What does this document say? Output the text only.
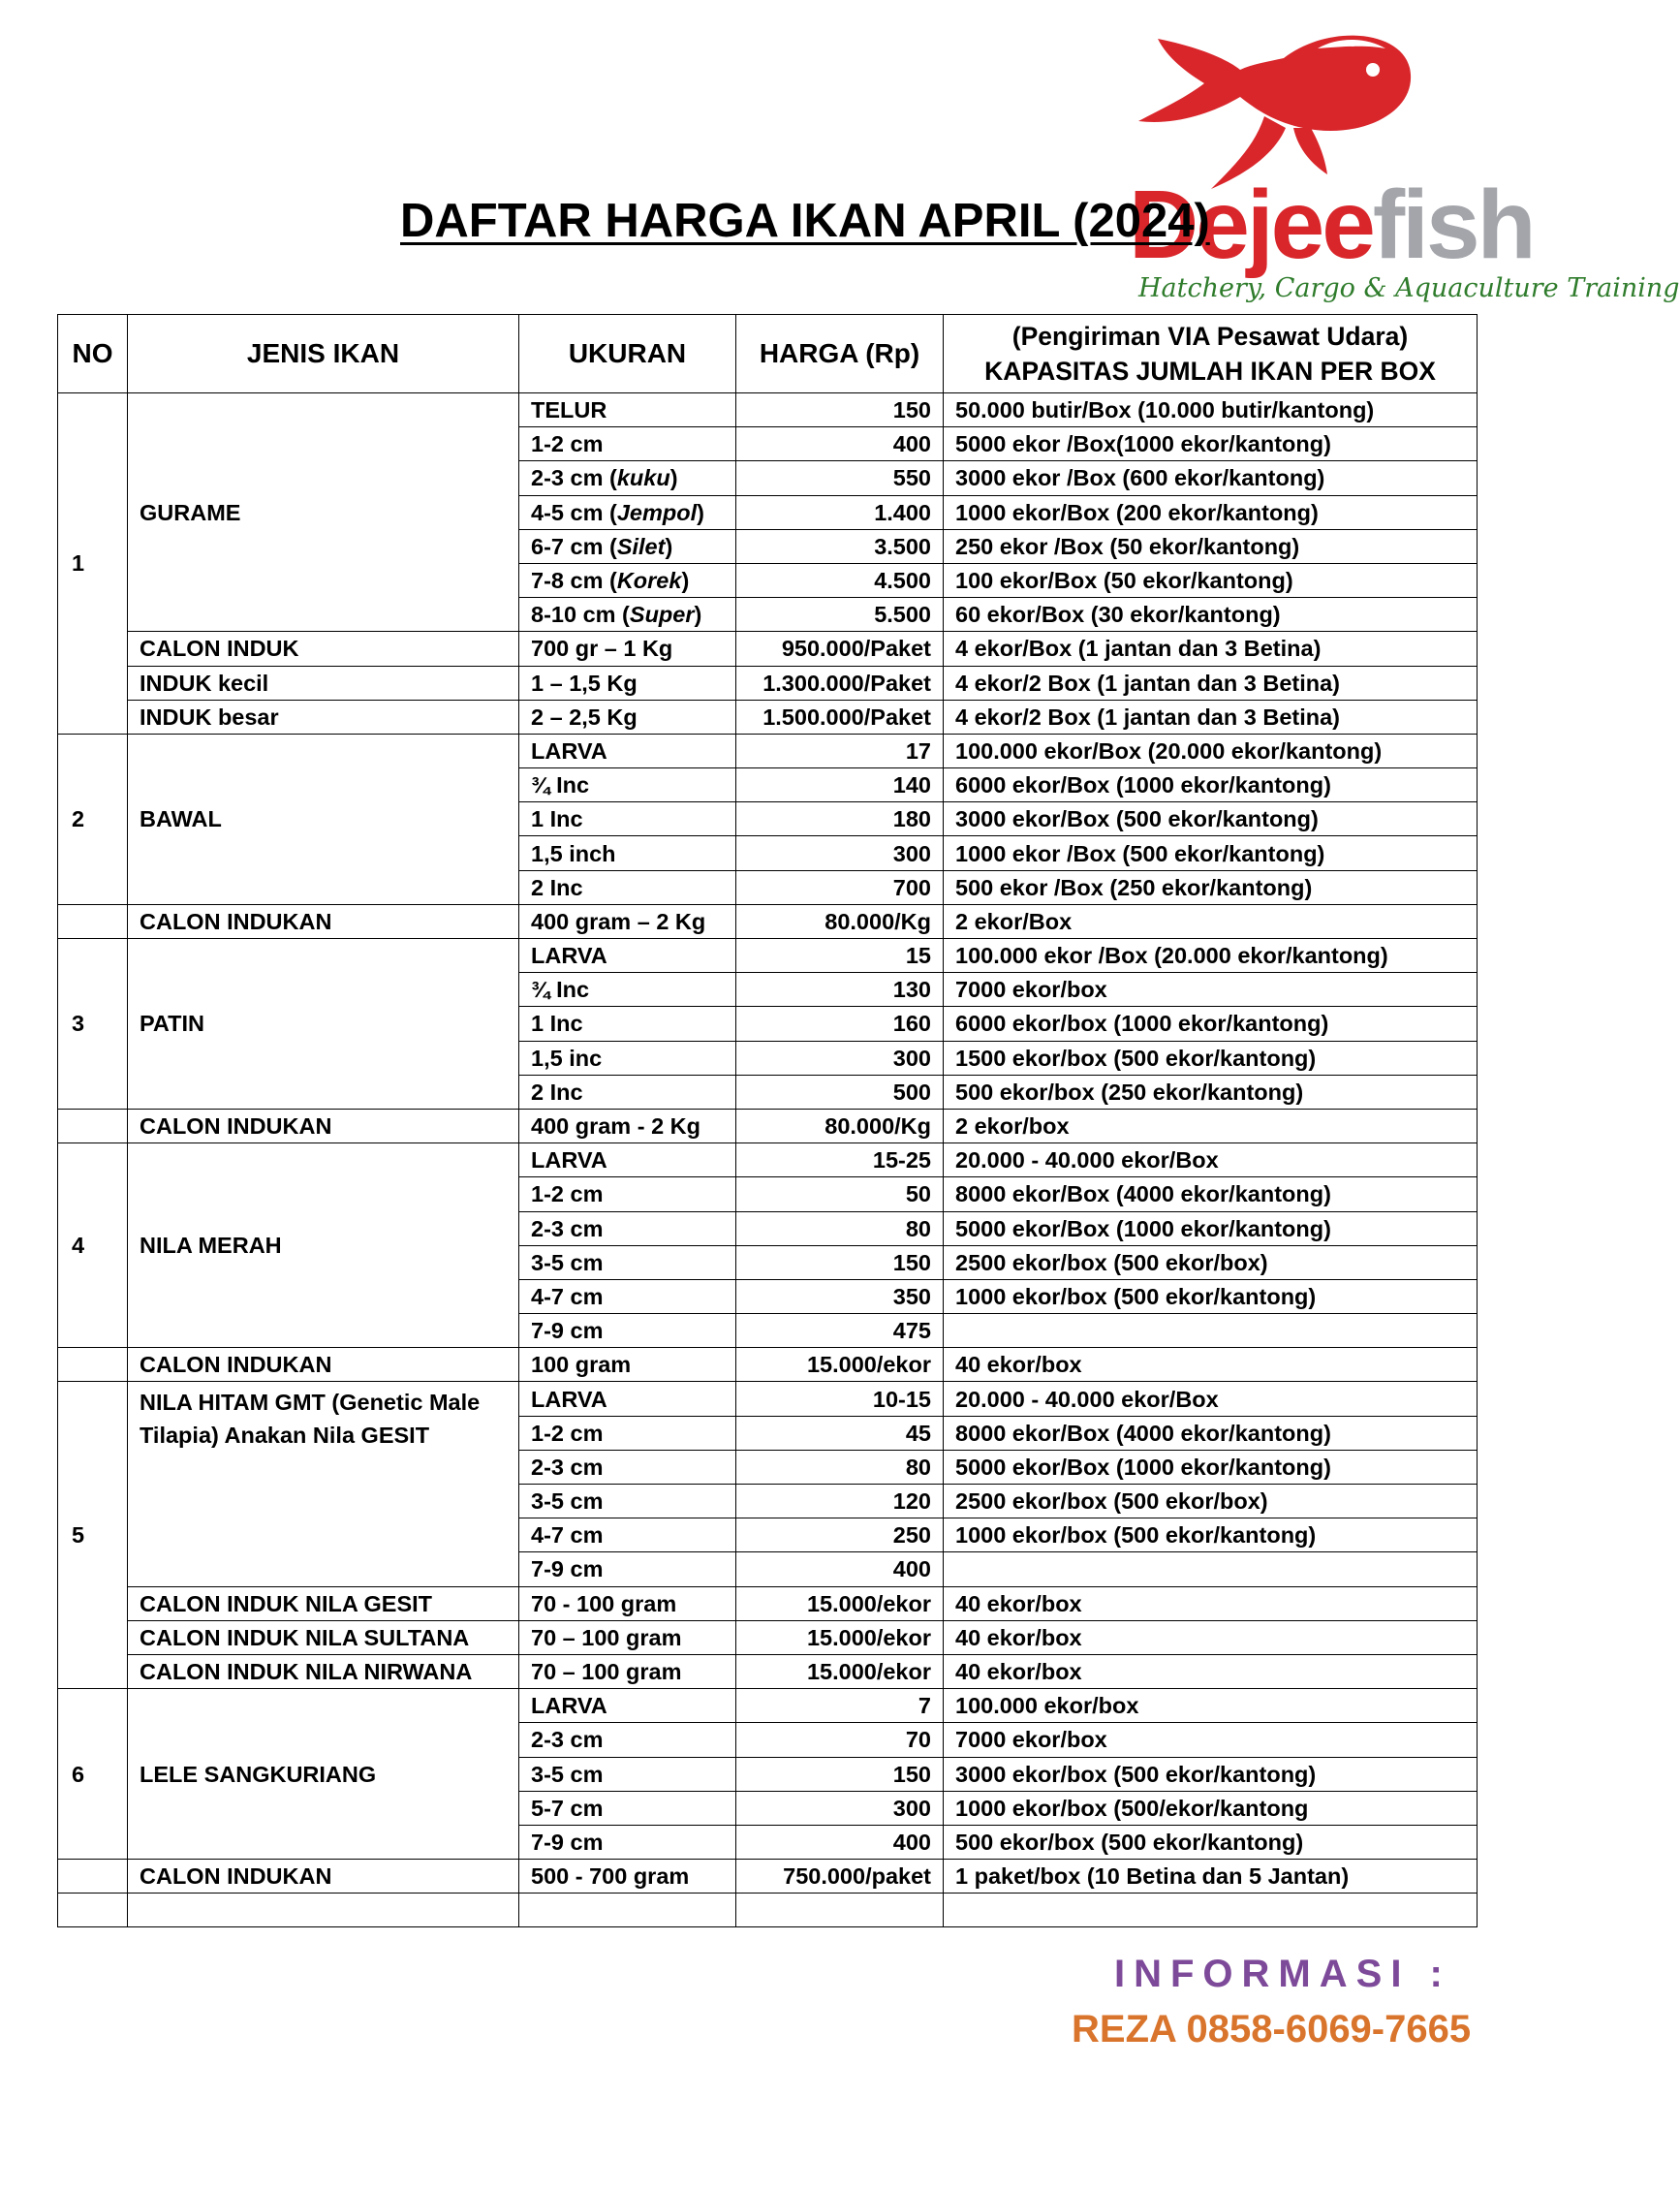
Dejeefish
Hatchery, Cargo & Aquaculture Training
DAFTAR HARGA IKAN APRIL (2024)
NO	JENIS IKAN	UKURAN	HARGA (Rp)	(Pengiriman VIA Pesawat Udara)
KAPASITAS JUMLAH IKAN PER BOX
1	GURAME	TELUR	150	50.000 butir/Box (10.000 butir/kantong)
		1-2 cm	400	5000 ekor /Box(1000 ekor/kantong)
		2-3 cm (kuku)	550	3000 ekor /Box (600 ekor/kantong)
		4-5 cm (Jempol)	1.400	1000 ekor/Box (200 ekor/kantong)
		6-7 cm (Silet)	3.500	250 ekor /Box (50 ekor/kantong)
		7-8 cm (Korek)	4.500	100 ekor/Box (50 ekor/kantong)
		8-10 cm (Super)	5.500	60 ekor/Box (30 ekor/kantong)
	CALON INDUK	700 gr – 1 Kg	950.000/Paket	4 ekor/Box (1 jantan dan 3 Betina)
	INDUK kecil	1 – 1,5 Kg	1.300.000/Paket	4 ekor/2 Box (1 jantan dan 3 Betina)
	INDUK besar	2 – 2,5 Kg	1.500.000/Paket	4 ekor/2 Box (1 jantan dan 3 Betina)
2	BAWAL	LARVA	17	100.000 ekor/Box (20.000 ekor/kantong)
		¾ Inc	140	6000 ekor/Box (1000 ekor/kantong)
		1 Inc	180	3000 ekor/Box (500 ekor/kantong)
		1,5 inch	300	1000 ekor /Box (500 ekor/kantong)
		2 Inc	700	500 ekor /Box (250 ekor/kantong)
	CALON INDUKAN	400 gram – 2 Kg	80.000/Kg	2 ekor/Box
3	PATIN	LARVA	15	100.000 ekor /Box (20.000 ekor/kantong)
		¾ Inc	130	7000 ekor/box
		1 Inc	160	6000 ekor/box (1000 ekor/kantong)
		1,5 inc	300	1500 ekor/box (500 ekor/kantong)
		2 Inc	500	500 ekor/box (250 ekor/kantong)
	CALON INDUKAN	400 gram - 2 Kg	80.000/Kg	2 ekor/box
4	NILA MERAH	LARVA	15-25	20.000 - 40.000 ekor/Box
		1-2 cm	50	8000 ekor/Box (4000 ekor/kantong)
		2-3 cm	80	5000 ekor/Box (1000 ekor/kantong)
		3-5 cm	150	2500 ekor/box (500 ekor/box)
		4-7 cm	350	1000 ekor/box (500 ekor/kantong)
		7-9 cm	475	
	CALON INDUKAN	100 gram	15.000/ekor	40 ekor/box
5	NILA HITAM GMT (Genetic Male Tilapia) Anakan Nila GESIT	LARVA	10-15	20.000 - 40.000 ekor/Box
		1-2 cm	45	8000 ekor/Box (4000 ekor/kantong)
		2-3 cm	80	5000 ekor/Box (1000 ekor/kantong)
		3-5 cm	120	2500 ekor/box (500 ekor/box)
		4-7 cm	250	1000 ekor/box (500 ekor/kantong)
		7-9 cm	400	
	CALON INDUK NILA GESIT	70 - 100 gram	15.000/ekor	40 ekor/box
	CALON INDUK NILA SULTANA	70 – 100 gram	15.000/ekor	40 ekor/box
	CALON INDUK NILA NIRWANA	70 – 100 gram	15.000/ekor	40 ekor/box
6	LELE SANGKURIANG	LARVA	7	100.000 ekor/box
		2-3 cm	70	7000 ekor/box
		3-5 cm	150	3000 ekor/box (500 ekor/kantong)
		5-7 cm	300	1000 ekor/box (500/ekor/kantong
		7-9 cm	400	500 ekor/box (500 ekor/kantong)
	CALON INDUKAN	500 - 700 gram	750.000/paket	1 paket/box (10 Betina dan 5 Jantan)

INFORMASI :
REZA 0858-6069-7665
